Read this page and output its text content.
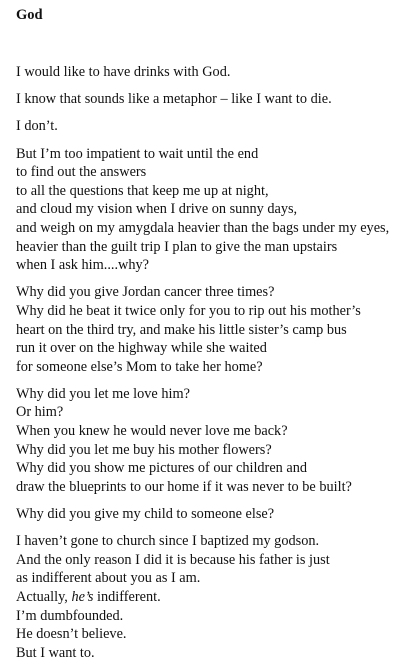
God
I would like to have drinks with God.
I know that sounds like a metaphor – like I want to die.
I don’t.
But I’m too impatient to wait until the end
to find out the answers
to all the questions that keep me up at night,
and cloud my vision when I drive on sunny days,
and weigh on my amygdala heavier than the bags under my eyes,
heavier than the guilt trip I plan to give the man upstairs
when I ask him....why?
Why did you give Jordan cancer three times?
Why did he beat it twice only for you to rip out his mother’s
heart on the third try, and make his little sister’s camp bus
run it over on the highway while she waited
for someone else’s Mom to take her home?
Why did you let me love him?
Or him?
When you knew he would never love me back?
Why did you let me buy his mother flowers?
Why did you show me pictures of our children and
draw the blueprints to our home if it was never to be built?
Why did you give my child to someone else?
I haven’t gone to church since I baptized my godson.
And the only reason I did it is because his father is just
as indifferent about you as I am.
Actually, he’s indifferent.
I’m dumbfounded.
He doesn’t believe.
But I want to.
